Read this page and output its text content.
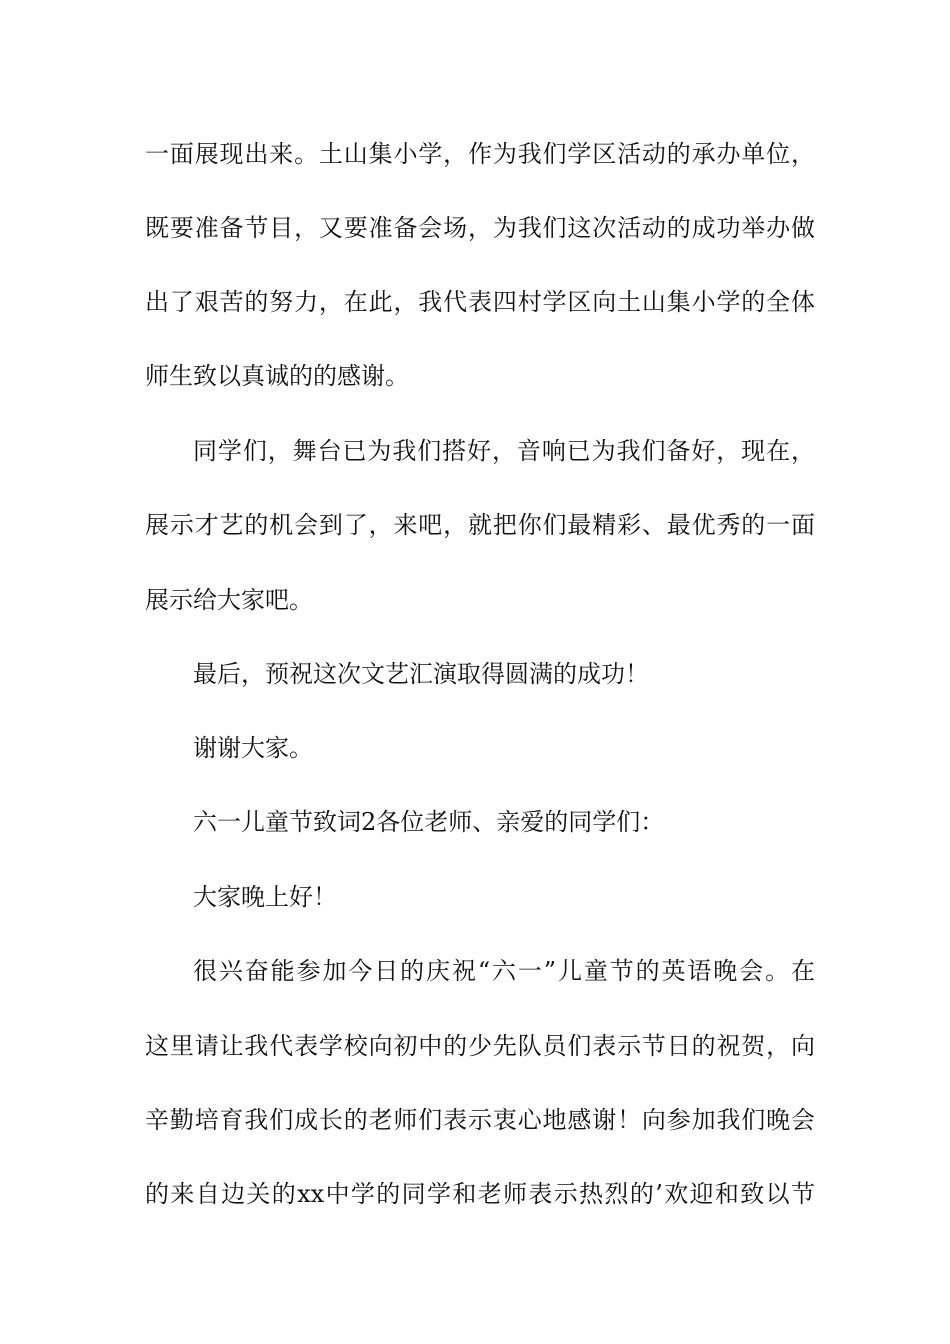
一面展现出来。土山集小学，作为我们学区活动的承办单位，
既要准备节目，又要准备会场，为我们这次活动的成功举办做
出了艰苦的努力，在此，我代表四村学区向土山集小学的全体
师生致以真诚的的感谢。
同学们，舞台已为我们搭好，音响已为我们备好，现在，
展示才艺的机会到了，来吧，就把你们最精彩、最优秀的一面
展示给大家吧。
最后，预祝这次文艺汇演取得圆满的成功！
谢谢大家。
六一儿童节致词2各位老师、亲爱的同学们：
大家晚上好！
很兴奋能参加今日的庆祝“六一”儿童节的英语晚会。在
这里请让我代表学校向初中的少先队员们表示节日的祝贺，向
辛勤培育我们成长的老师们表示衷心地感谢！向参加我们晚会
的来自边关的xx中学的同学和老师表示热烈的’欢迎和致以节
